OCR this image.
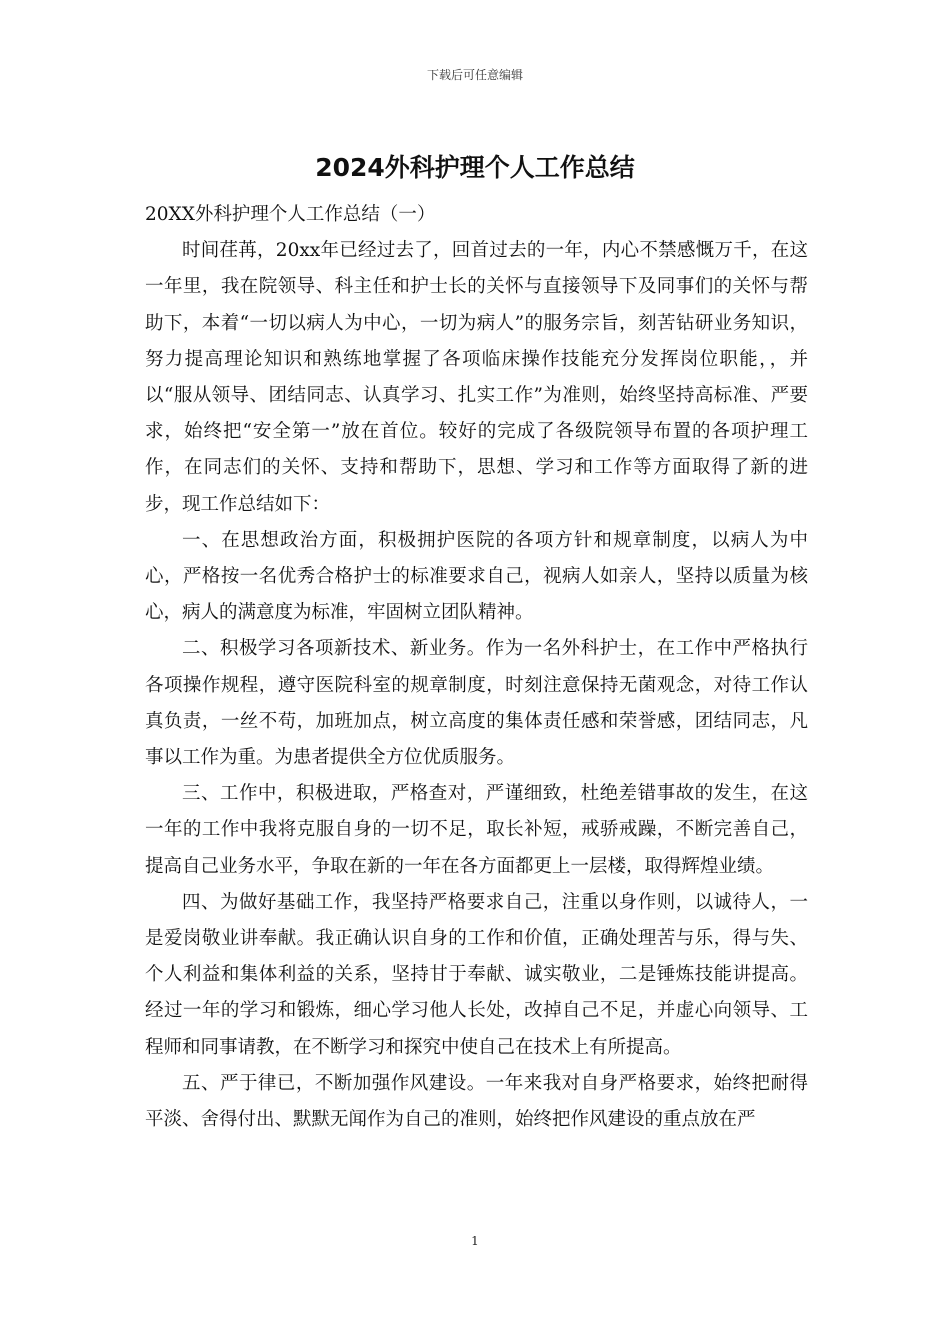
下载后可任意编辑
2024外科护理个人工作总结

20XX外科护理个人工作总结（一）

时间荏苒，20xx年已经过去了，回首过去的一年，内心不禁感慨万千，在这一年里，我在院领导、科主任和护士长的关怀与直接领导下及同事们的关怀与帮助下，本着“一切以病人为中心，一切为病人”的服务宗旨，刻苦钻研业务知识，努力提高理论知识和熟练地掌握了各项临床操作技能充分发挥岗位职能，，并以“服从领导、团结同志、认真学习、扎实工作”为准则，始终坚持高标准、严要求，始终把“安全第一”放在首位。较好的完成了各级院领导布置的各项护理工作，在同志们的关怀、支持和帮助下，思想、学习和工作等方面取得了新的进步，现工作总结如下：

一、在思想政治方面，积极拥护医院的各项方针和规章制度，以病人为中心，严格按一名优秀合格护士的标准要求自己，视病人如亲人，坚持以质量为核心，病人的满意度为标准，牢固树立团队精神。

二、积极学习各项新技术、新业务。作为一名外科护士，在工作中严格执行各项操作规程，遵守医院科室的规章制度，时刻注意保持无菌观念，对待工作认真负责，一丝不苟，加班加点，树立高度的集体责任感和荣誉感，团结同志，凡事以工作为重。为患者提供全方位优质服务。

三、工作中，积极进取，严格查对，严谨细致，杜绝差错事故的发生，在这一年的工作中我将克服自身的一切不足，取长补短，戒骄戒躁，不断完善自己，提高自己业务水平，争取在新的一年在各方面都更上一层楼，取得辉煌业绩。

四、为做好基础工作，我坚持严格要求自己，注重以身作则，以诚待人，一是爱岗敬业讲奉献。我正确认识自身的工作和价值，正确处理苦与乐，得与失、个人利益和集体利益的关系，坚持甘于奉献、诚实敬业，二是锤炼技能讲提高。经过一年的学习和锻炼，细心学习他人长处，改掉自己不足，并虚心向领导、工程师和同事请教，在不断学习和探究中使自己在技术上有所提高。

五、严于律已，不断加强作风建设。一年来我对自身严格要求，始终把耐得平淡、舍得付出、默默无闻作为自己的准则，始终把作风建设的重点放在严

1
